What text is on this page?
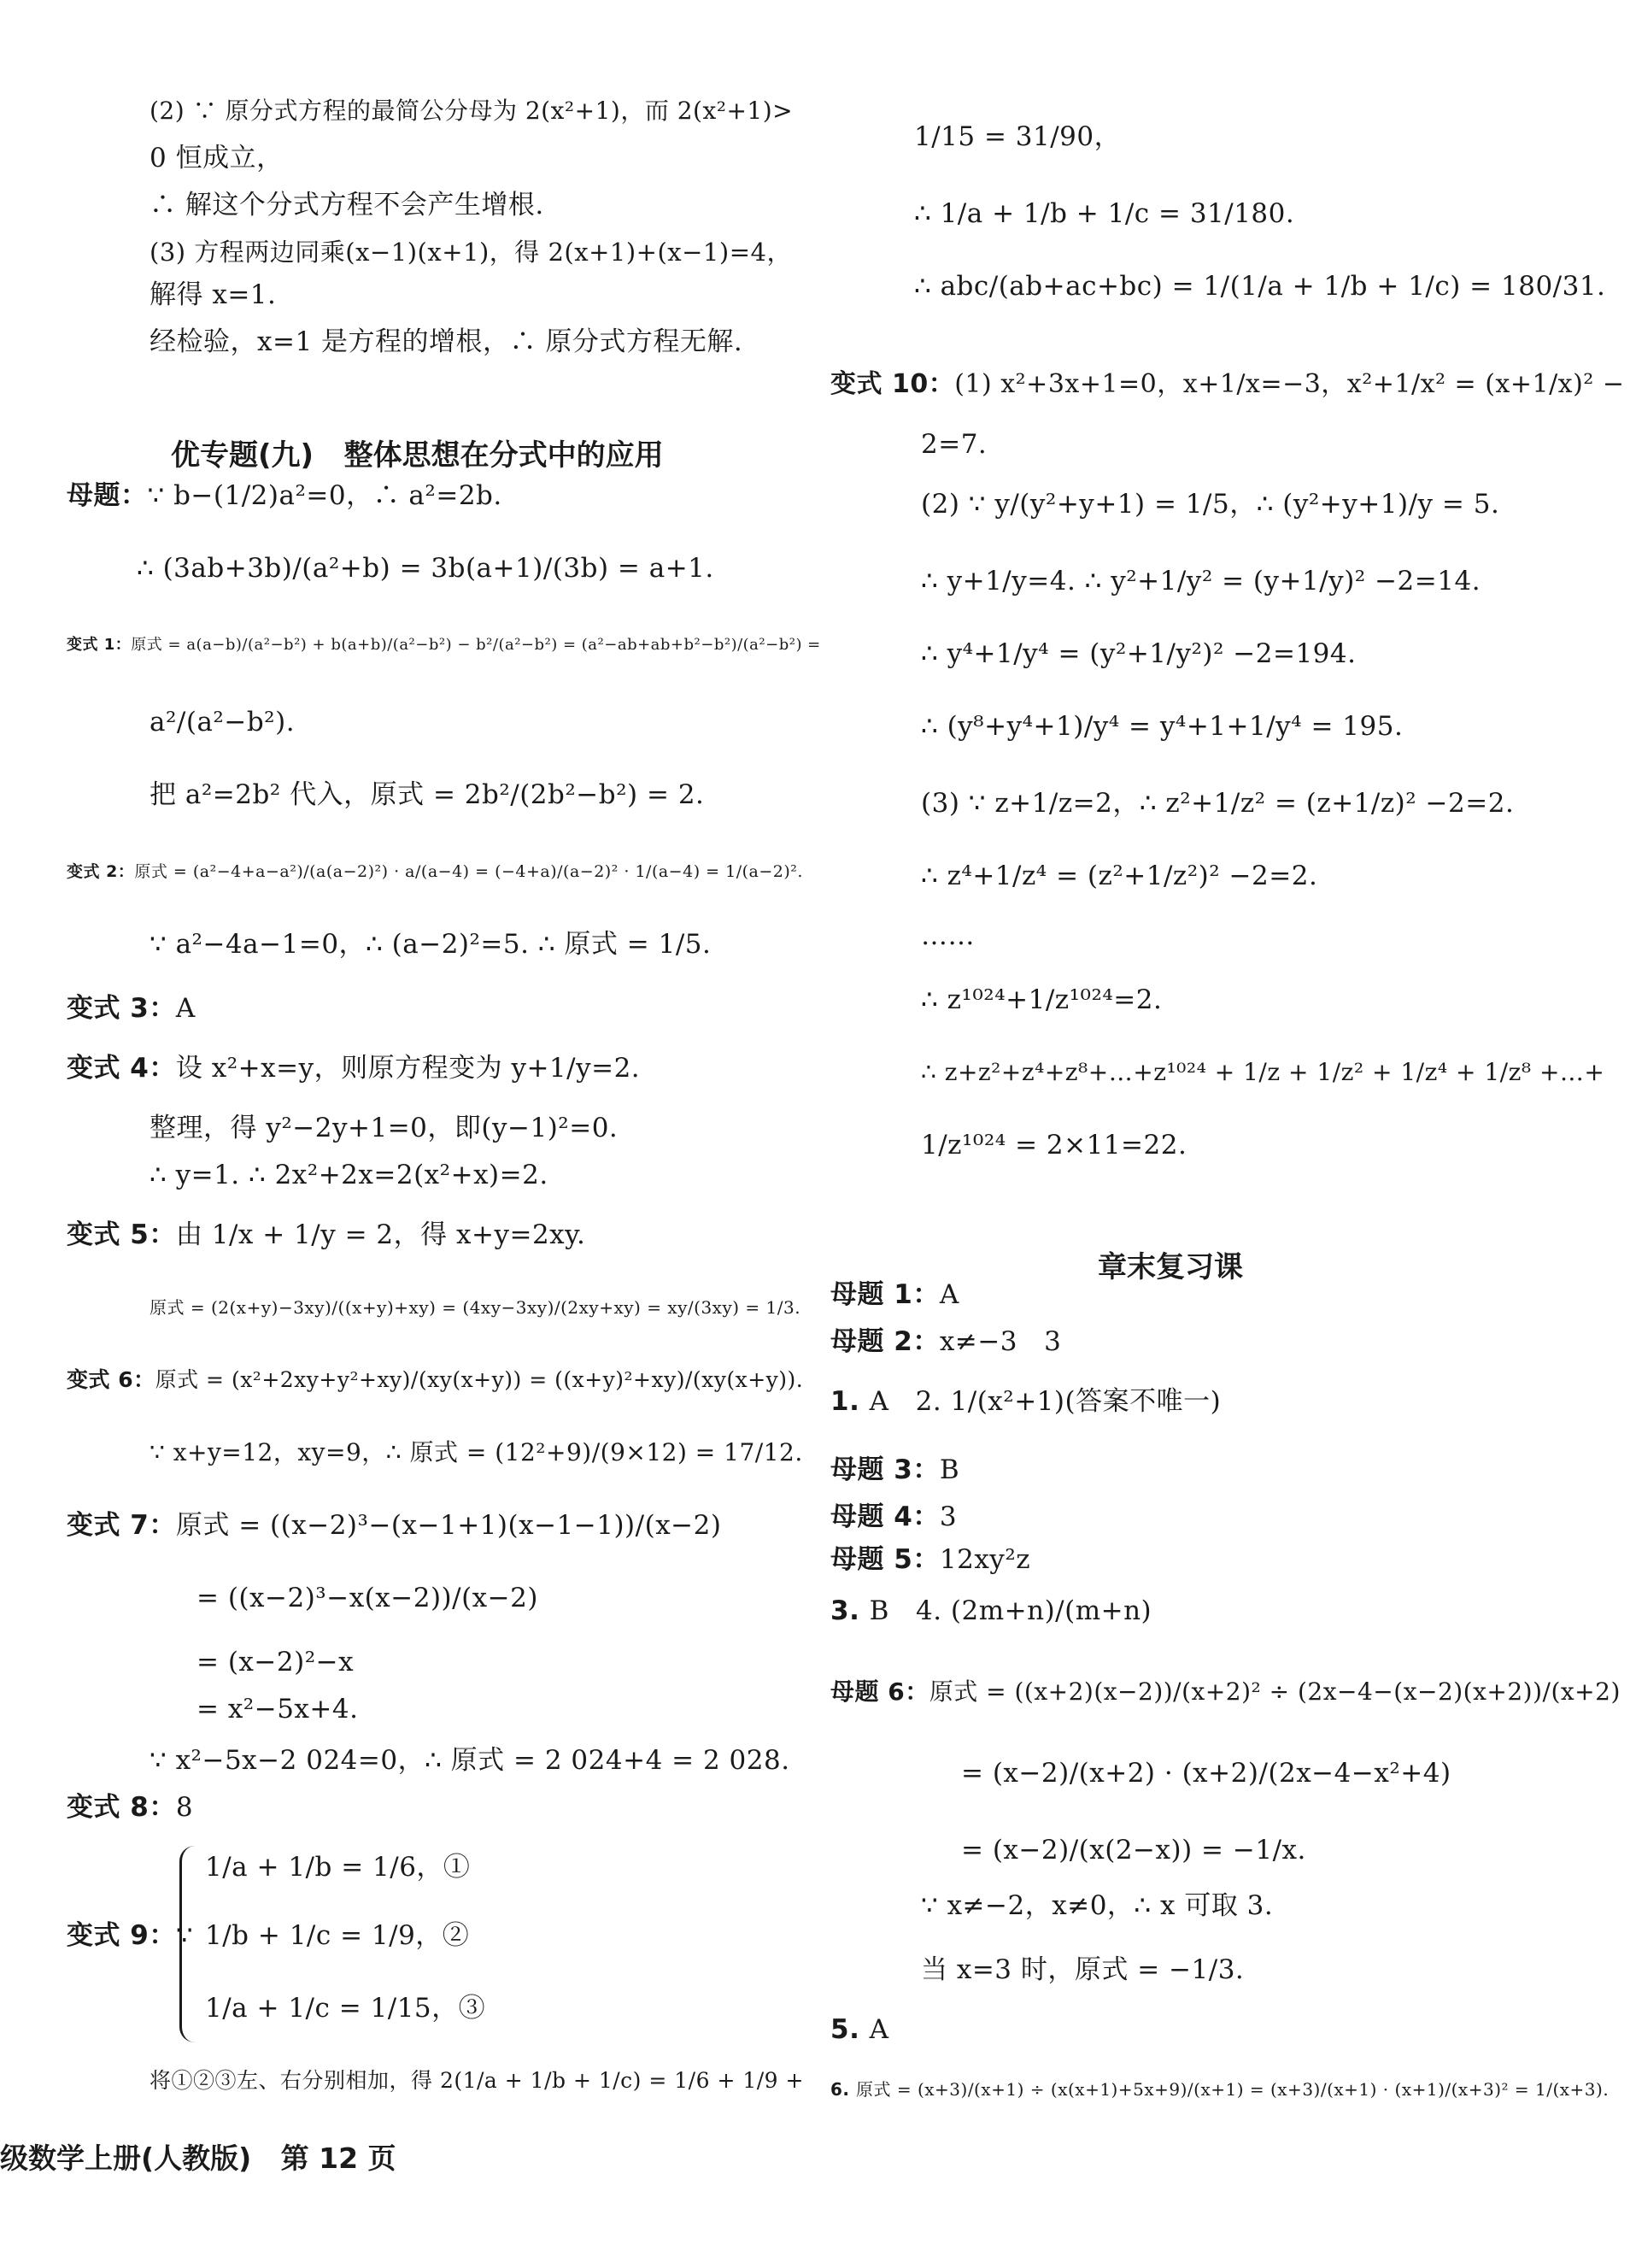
优专题(九)   整体思想在分式中的应用
(2) ∵ 原分式方程的最简公分母为 2(x²+1)，而 2(x²+1)>
0 恒成立，
∴ 解这个分式方程不会产生增根.
(3) 方程两边同乘(x−1)(x+1)，得 2(x+1)+(x−1)=4，
解得 x=1.
经检验，x=1 是方程的增根，∴ 原分式方程无解.
母题：∵ b−(1/2)a²=0，∴ a²=2b.
∴ (3ab+3b)/(a²+b) = 3b(a+1)/(3b) = a+1.
变式 1：原式 = a(a−b)/(a²−b²) + b(a+b)/(a²−b²) − b²/(a²−b²) = (a²−ab+ab+b²−b²)/(a²−b²) =
a²/(a²−b²).
把 a²=2b² 代入，原式 = 2b²/(2b²−b²) = 2.
变式 2：原式 = (a²−4+a−a²)/(a(a−2)²) · a/(a−4) = (−4+a)/(a−2)² · 1/(a−4) = 1/(a−2)².
∵ a²−4a−1=0，∴ (a−2)²=5. ∴ 原式 = 1/5.
变式 3：A
变式 4：设 x²+x=y，则原方程变为 y+1/y=2.
整理，得 y²−2y+1=0，即(y−1)²=0.
∴ y=1. ∴ 2x²+2x=2(x²+x)=2.
变式 5：由 1/x + 1/y = 2，得 x+y=2xy.
原式 = (2(x+y)−3xy)/((x+y)+xy) = (4xy−3xy)/(2xy+xy) = xy/(3xy) = 1/3.
变式 6：原式 = (x²+2xy+y²+xy)/(xy(x+y)) = ((x+y)²+xy)/(xy(x+y)).
∵ x+y=12，xy=9，∴ 原式 = (12²+9)/(9×12) = 17/12.
变式 7：原式 = ((x−2)³−(x−1+1)(x−1−1))/(x−2)
= ((x−2)³−x(x−2))/(x−2)
= (x−2)²−x
= x²−5x+4.
∵ x²−5x−2 024=0，∴ 原式 = 2 024+4 = 2 028.
变式 8：8
1/a + 1/b = 1/6，①
变式 9：∵ 1/b + 1/c = 1/9，②
1/a + 1/c = 1/15，③
将①②③左、右分别相加，得 2(1/a + 1/b + 1/c) = 1/6 + 1/9 +
章末复习课
1/15 = 31/90，
∴ 1/a + 1/b + 1/c = 31/180.
∴ abc/(ab+ac+bc) = 1/(1/a + 1/b + 1/c) = 180/31.
变式 10：(1) x²+3x+1=0，x+1/x=−3，x²+1/x² = (x+1/x)² −
2=7.
(2) ∵ y/(y²+y+1) = 1/5，∴ (y²+y+1)/y = 5.
∴ y+1/y=4. ∴ y²+1/y² = (y+1/y)² −2=14.
∴ y⁴+1/y⁴ = (y²+1/y²)² −2=194.
∴ (y⁸+y⁴+1)/y⁴ = y⁴+1+1/y⁴ = 195.
(3) ∵ z+1/z=2，∴ z²+1/z² = (z+1/z)² −2=2.
∴ z⁴+1/z⁴ = (z²+1/z²)² −2=2.
……
∴ z¹⁰²⁴+1/z¹⁰²⁴=2.
∴ z+z²+z⁴+z⁸+…+z¹⁰²⁴ + 1/z + 1/z² + 1/z⁴ + 1/z⁸ +…+
1/z¹⁰²⁴ = 2×11=22.
母题 1：A
母题 2：x≠−3   3
1. A   2. 1/(x²+1)(答案不唯一)
母题 3：B
母题 4：3
母题 5：12xy²z
3. B   4. (2m+n)/(m+n)
母题 6：原式 = ((x+2)(x−2))/(x+2)² ÷ (2x−4−(x−2)(x+2))/(x+2)
= (x−2)/(x+2) · (x+2)/(2x−4−x²+4)
= (x−2)/(x(2−x)) = −1/x.
∵ x≠−2，x≠0，∴ x 可取 3.
当 x=3 时，原式 = −1/3.
5. A
6. 原式 = (x+3)/(x+1) ÷ (x(x+1)+5x+9)/(x+1) = (x+3)/(x+1) · (x+1)/(x+3)² = 1/(x+3).
级数学上册(人教版)   第 12 页
